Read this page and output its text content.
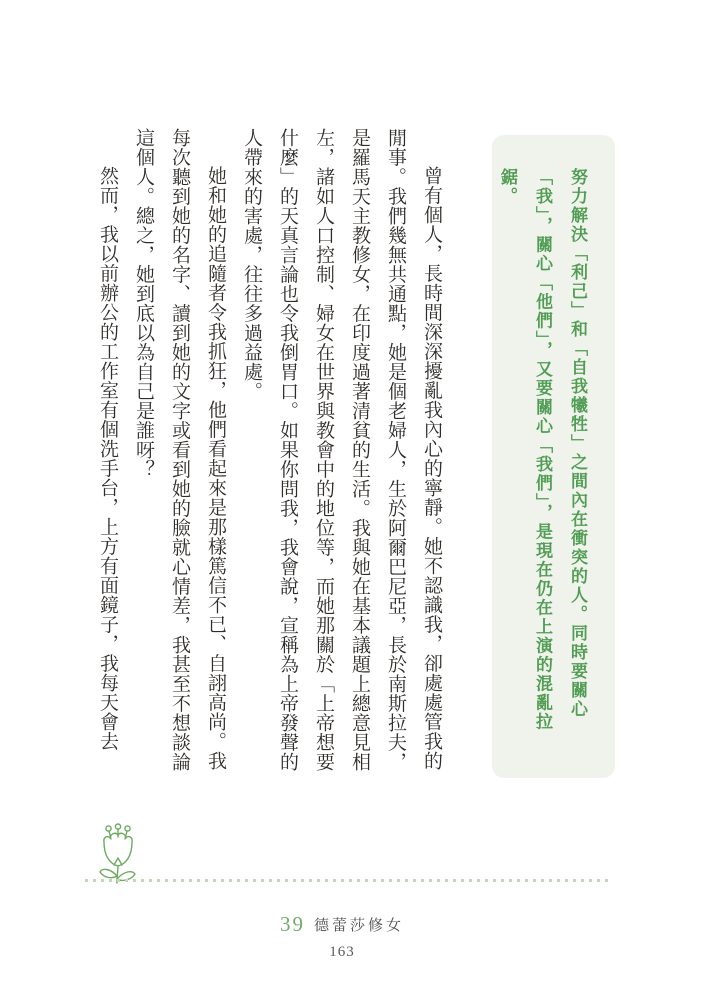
努力解決「利己」和「自我犧牲」之間內在衝突的人。同時要關心「我」，關心「他們」，又要關心「我們」，是現在仍在上演的混亂拉鋸。

曾有個人，長時間深深擾亂我內心的寧靜。她不認識我，卻處處管我的閒事。我們幾無共通點，她是個老婦人，生於阿爾巴尼亞，長於南斯拉夫，是羅馬天主教修女，在印度過著清貧的生活。我與她在基本議題上總意見相左，諸如人口控制、婦女在世界與教會中的地位等，而她那關於「上帝想要什麼」的天真言論也令我倒胃口。如果你問我，我會說，宣稱為上帝發聲的人帶來的害處，往往多過益處。

她和她的追隨者令我抓狂，他們看起來是那樣篤信不已、自詡高尚。我每次聽到她的名字、讀到她的文字或看到她的臉就心情差，我甚至不想談論這個人。總之，她到底以為自己是誰呀？

然而，我以前辦公的工作室有個洗手台，上方有面鏡子，我每天會去

39 德蕾莎修女
163
